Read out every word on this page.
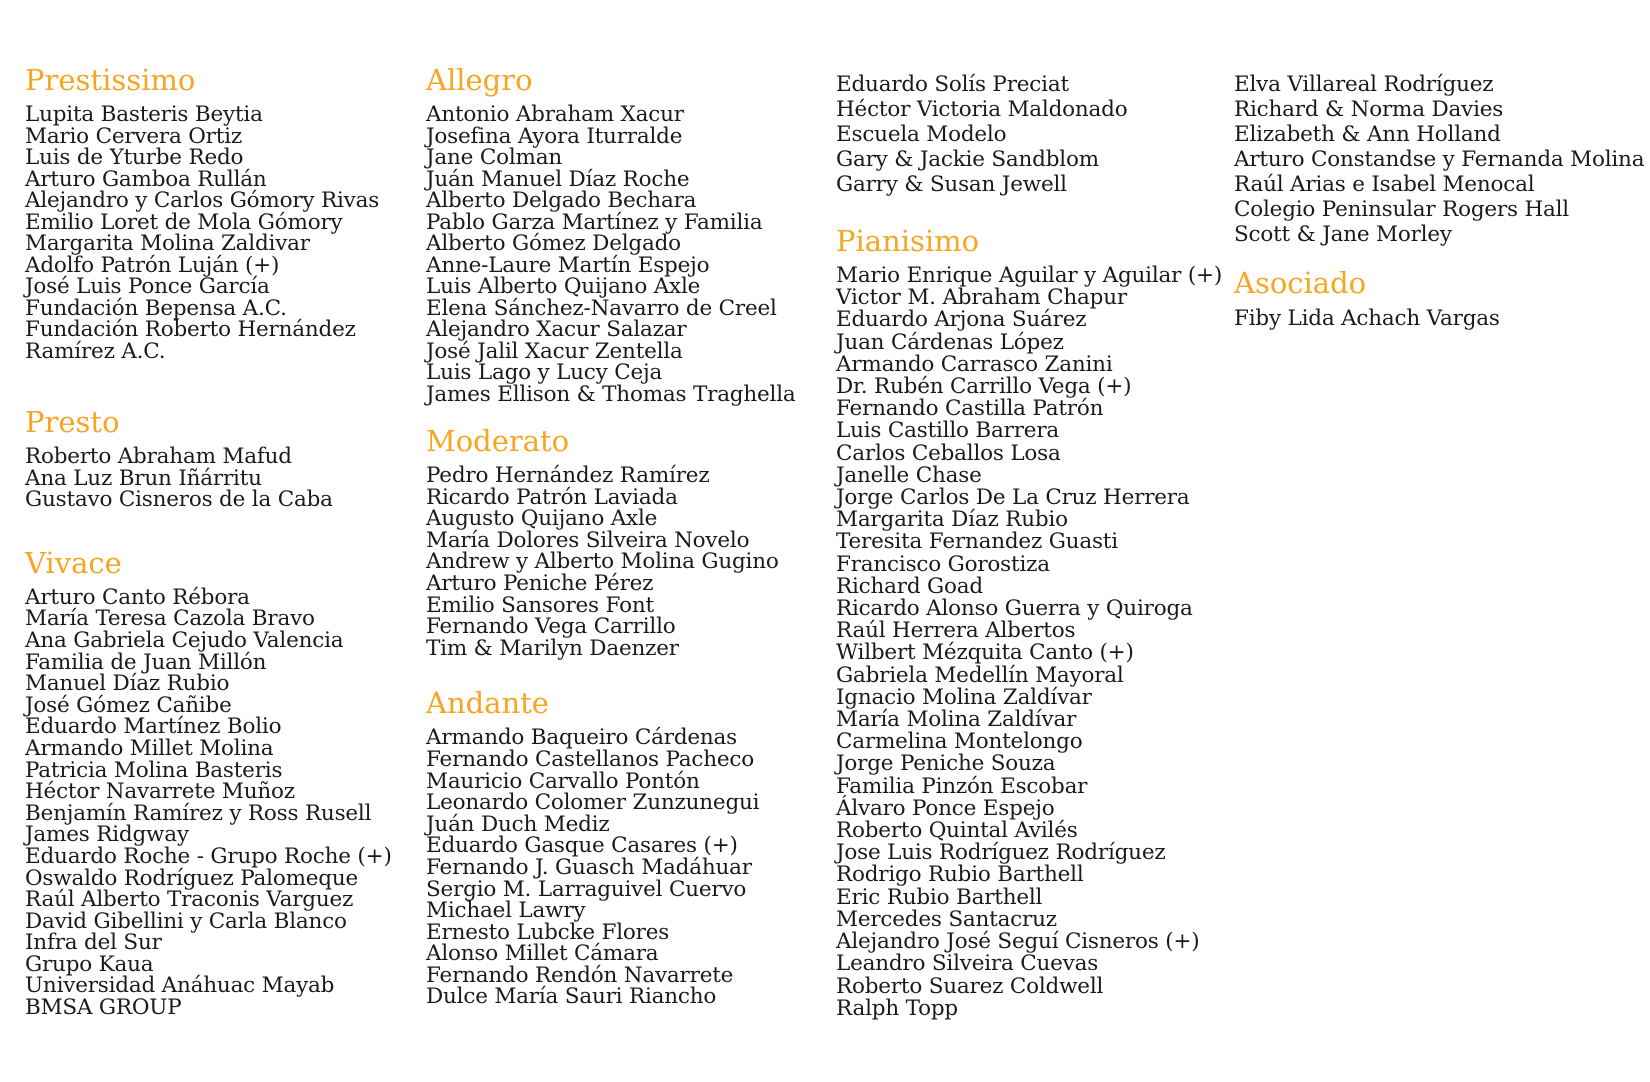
Prestissimo
Lupita Basteris Beytia
Mario Cervera Ortiz
Luis de Yturbe Redo
Arturo Gamboa Rullán
Alejandro y Carlos Gómory Rivas
Emilio Loret de Mola Gómory
Margarita Molina Zaldivar
Adolfo Patrón Luján (+)
José Luis Ponce García
Fundación Bepensa A.C.
Fundación Roberto Hernández
Ramírez A.C.
Presto
Roberto Abraham Mafud
Ana Luz Brun Iñárritu
Gustavo Cisneros de la Caba
Vivace
Arturo Canto Rébora
María Teresa Cazola Bravo
Ana Gabriela Cejudo Valencia
Familia de Juan Millón
Manuel Díaz Rubio
José Gómez Cañibe
Eduardo Martínez Bolio
Armando Millet Molina
Patricia Molina Basteris
Héctor Navarrete Muñoz
Benjamín Ramírez y Ross Rusell
James Ridgway
Eduardo Roche - Grupo Roche (+)
Oswaldo Rodríguez Palomeque
Raúl Alberto Traconis Varguez
David Gibellini y Carla Blanco
Infra del Sur
Grupo Kaua
Universidad Anáhuac Mayab
BMSA GROUP
Allegro
Antonio Abraham Xacur
Josefina Ayora Iturralde
Jane Colman
Juán Manuel Díaz Roche
Alberto Delgado Bechara
Pablo Garza Martínez y Familia
Alberto Gómez Delgado
Anne-Laure Martín Espejo
Luis Alberto Quijano Axle
Elena Sánchez-Navarro de Creel
Alejandro Xacur Salazar
José Jalil Xacur Zentella
Luis Lago y Lucy Ceja
James Ellison & Thomas Traghella
Moderato
Pedro Hernández Ramírez
Ricardo Patrón Laviada
Augusto Quijano Axle
María Dolores Silveira Novelo
Andrew y Alberto Molina Gugino
Arturo Peniche Pérez
Emilio Sansores Font
Fernando Vega Carrillo
Tim & Marilyn Daenzer
Andante
Armando Baqueiro Cárdenas
Fernando Castellanos Pacheco
Mauricio Carvallo Pontón
Leonardo Colomer Zunzunegui
Juán Duch Mediz
Eduardo Gasque Casares (+)
Fernando J. Guasch Madáhuar
Sergio M. Larraguivel Cuervo
Michael Lawry
Ernesto Lubcke Flores
Alonso Millet Cámara
Fernando Rendón Navarrete
Dulce María Sauri Riancho
Eduardo Solís Preciat
Héctor Victoria Maldonado
Escuela Modelo
Gary & Jackie Sandblom
Garry & Susan Jewell
Pianisimo
Mario Enrique Aguilar y Aguilar (+)
Victor M. Abraham Chapur
Eduardo Arjona Suárez
Juan Cárdenas López
Armando Carrasco Zanini
Dr. Rubén Carrillo Vega (+)
Fernando Castilla Patrón
Luis Castillo Barrera
Carlos Ceballos Losa
Janelle Chase
Jorge Carlos De La Cruz Herrera
Margarita Díaz Rubio
Teresita Fernandez Guasti
Francisco Gorostiza
Richard Goad
Ricardo Alonso Guerra y Quiroga
Raúl Herrera Albertos
Wilbert Mézquita Canto (+)
Gabriela Medellín Mayoral
Ignacio Molina Zaldívar
María Molina Zaldívar
Carmelina Montelongo
Jorge Peniche Souza
Familia Pinzón Escobar
Álvaro Ponce Espejo
Roberto Quintal Avilés
Jose Luis Rodríguez Rodríguez
Rodrigo Rubio Barthell
Eric Rubio Barthell
Mercedes Santacruz
Alejandro José Seguí Cisneros (+)
Leandro Silveira Cuevas
Roberto Suarez Coldwell
Ralph Topp
Elva Villareal Rodríguez
Richard & Norma Davies
Elizabeth & Ann Holland
Arturo Constandse y Fernanda Molina
Raúl Arias e Isabel Menocal
Colegio Peninsular Rogers Hall
Scott & Jane Morley
Asociado
Fiby Lida Achach Vargas
